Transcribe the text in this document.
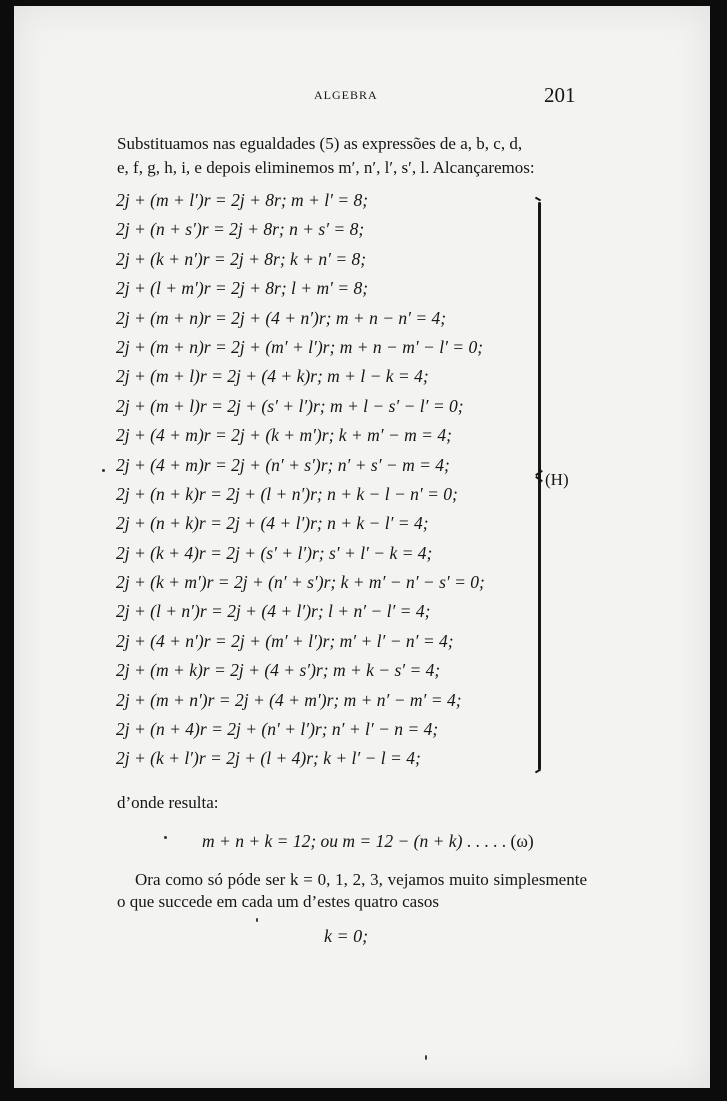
ALGEBRA	201

Substituamos nas egualdades (5) as expressões de a, b, c, d,

e, f, g, h, i, e depois eliminemos m′, n′, l′, s′, l. Alcançaremos:

2j + (m + l′)r = 2j + 8r; m + l′ = 8;
2j + (n + s′)r = 2j + 8r; n + s′ = 8;
2j + (k + n′)r = 2j + 8r; k + n′ = 8;
2j + (l + m′)r = 2j + 8r; l + m′ = 8;
2j + (m + n)r = 2j + (4 + n′)r; m + n − n′ = 4;
2j + (m + n)r = 2j + (m′ + l′)r; m + n − m′ − l′ = 0;
2j + (m + l)r = 2j + (4 + k)r; m + l − k = 4;
2j + (m + l)r = 2j + (s′ + l′)r; m + l − s′ − l′ = 0;
2j + (4 + m)r = 2j + (k + m′)r; k + m′ − m = 4;
2j + (4 + m)r = 2j + (n′ + s′)r; n′ + s′ − m = 4;
2j + (n + k)r = 2j + (l + n′)r; n + k − l − n′ = 0;
2j + (n + k)r = 2j + (4 + l′)r; n + k − l′ = 4;
2j + (k + 4)r = 2j + (s′ + l′)r; s′ + l′ − k = 4;
2j + (k + m′)r = 2j + (n′ + s′)r; k + m′ − n′ − s′ = 0;
2j + (l + n′)r = 2j + (4 + l′)r; l + n′ − l′ = 4;
2j + (4 + n′)r = 2j + (m′ + l′)r; m′ + l′ − n′ = 4;
2j + (m + k)r = 2j + (4 + s′)r; m + k − s′ = 4;
2j + (m + n′)r = 2j + (4 + m′)r; m + n′ − m′ = 4;
2j + (n + 4)r = 2j + (n′ + l′)r; n′ + l′ − n = 4;
2j + (k + l′)r = 2j + (l + 4)r; k + l′ − l = 4;
(H)
d’onde resulta:
m + n + k = 12; ou m = 12 − (n + k) . . . . . (ω)
Ora como só póde ser k = 0, 1, 2, 3, vejamos muito simplesmente o que succede em cada um d’estes quatro casos
k = 0;
